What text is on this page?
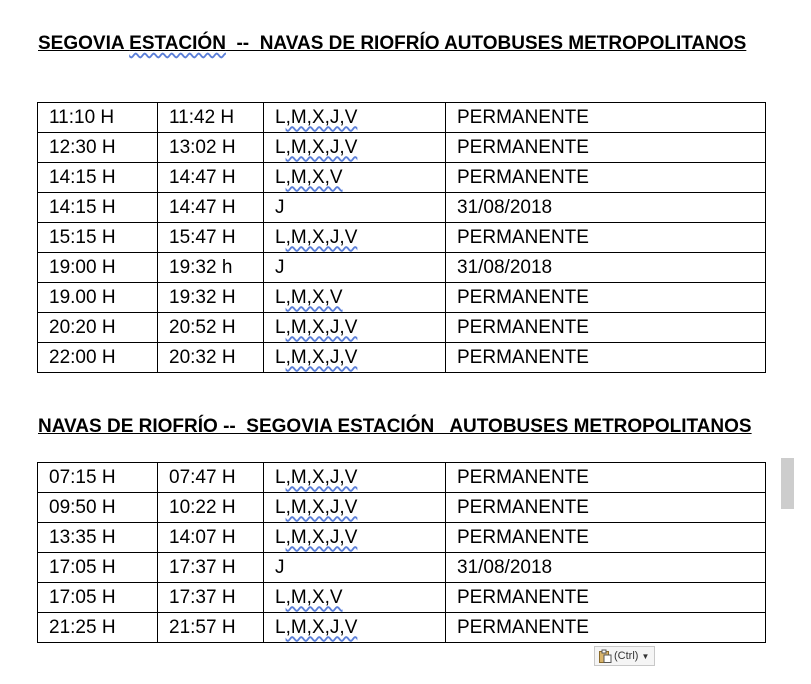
SEGOVIA ESTACIÓN  --  NAVAS DE RIOFRÍO AUTOBUSES METROPOLITANOS
11:10 H	11:42 H	L,M,X,J,V	PERMANENTE
12:30 H	13:02 H	L,M,X,J,V	PERMANENTE
14:15 H	14:47 H	L,M,X,V	PERMANENTE
14:15 H	14:47 H	J	31/08/2018
15:15 H	15:47 H	L,M,X,J,V	PERMANENTE
19:00 H	19:32 h	J	31/08/2018
19.00 H	19:32 H	L,M,X,V	PERMANENTE
20:20 H	20:52 H	L,M,X,J,V	PERMANENTE
22:00 H	20:32 H	L,M,X,J,V	PERMANENTE
NAVAS DE RIOFRÍO --  SEGOVIA ESTACIÓN   AUTOBUSES METROPOLITANOS
07:15 H	07:47 H	L,M,X,J,V	PERMANENTE
09:50 H	10:22 H	L,M,X,J,V	PERMANENTE
13:35 H	14:07 H	L,M,X,J,V	PERMANENTE
17:05 H	17:37 H	J	31/08/2018
17:05 H	17:37 H	L,M,X,V	PERMANENTE
21:25 H	21:57 H	L,M,X,J,V	PERMANENTE
(Ctrl) ▼
